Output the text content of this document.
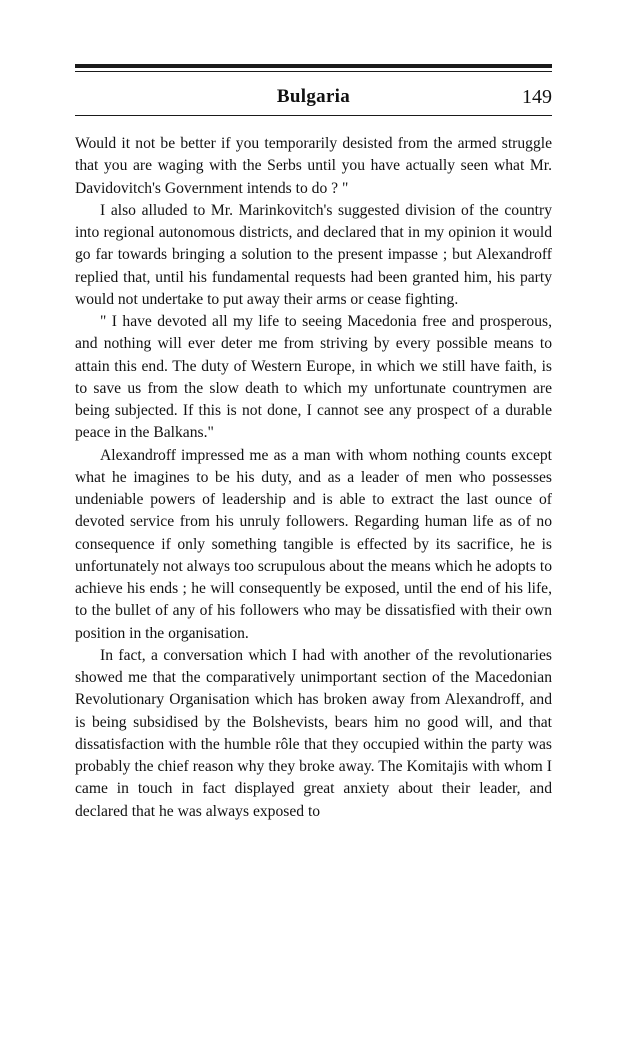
Bulgaria	149

Would it not be better if you temporarily desisted from the armed struggle that you are waging with the Serbs until you have actually seen what Mr. Davidovitch's Government intends to do ? "

I also alluded to Mr. Marinkovitch's suggested division of the country into regional autonomous districts, and declared that in my opinion it would go far towards bringing a solution to the present impasse ; but Alexandroff replied that, until his fundamental requests had been granted him, his party would not undertake to put away their arms or cease fighting.

" I have devoted all my life to seeing Macedonia free and prosperous, and nothing will ever deter me from striving by every possible means to attain this end. The duty of Western Europe, in which we still have faith, is to save us from the slow death to which my unfortunate countrymen are being subjected. If this is not done, I cannot see any prospect of a durable peace in the Balkans."

Alexandroff impressed me as a man with whom nothing counts except what he imagines to be his duty, and as a leader of men who possesses undeniable powers of leadership and is able to extract the last ounce of devoted service from his unruly followers. Regarding human life as of no consequence if only something tangible is effected by its sacrifice, he is unfortunately not always too scrupulous about the means which he adopts to achieve his ends ; he will consequently be exposed, until the end of his life, to the bullet of any of his followers who may be dissatisfied with their own position in the organisation.

In fact, a conversation which I had with another of the revolutionaries showed me that the comparatively unimportant section of the Macedonian Revolutionary Organisation which has broken away from Alexandroff, and is being subsidised by the Bolshevists, bears him no good will, and that dissatisfaction with the humble rôle that they occupied within the party was probably the chief reason why they broke away. The Komitajis with whom I came in touch in fact displayed great anxiety about their leader, and declared that he was always exposed to
